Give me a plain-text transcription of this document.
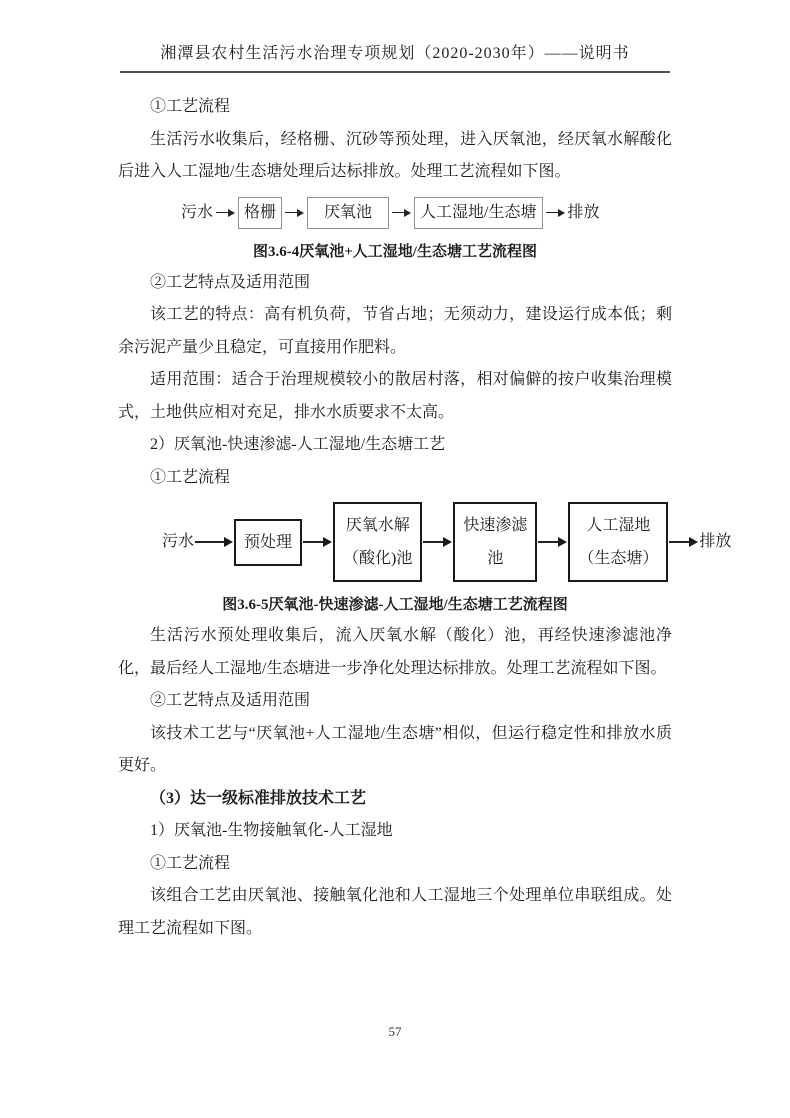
湘潭县农村生活污水治理专项规划（2020-2030年）——说明书

①工艺流程

生活污水收集后，经格栅、沉砂等预处理，进入厌氧池，经厌氧水解酸化后进入人工湿地/生态塘处理后达标排放。处理工艺流程如下图。

污水	格栅	厌氧池	人工湿地/生态塘	排放

图3.6-4厌氧池+人工湿地/生态塘工艺流程图

②工艺特点及适用范围

该工艺的特点：高有机负荷，节省占地；无须动力，建设运行成本低；剩余污泥产量少且稳定，可直接用作肥料。

适用范围：适合于治理规模较小的散居村落，相对偏僻的按户收集治理模式，土地供应相对充足，排水水质要求不太高。

2）厌氧池-快速渗滤-人工湿地/生态塘工艺

①工艺流程

污水	预处理
厌氧水解
（酸化)池
快速渗滤
池
人工湿地
（生态塘）
排放

图3.6-5厌氧池-快速渗滤-人工湿地/生态塘工艺流程图

生活污水预处理收集后，流入厌氧水解（酸化）池，再经快速渗滤池净化，最后经人工湿地/生态塘进一步净化处理达标排放。处理工艺流程如下图。

②工艺特点及适用范围

该技术工艺与“厌氧池+人工湿地/生态塘”相似，但运行稳定性和排放水质更好。

（3）达一级标准排放技术工艺

1）厌氧池-生物接触氧化-人工湿地

①工艺流程

该组合工艺由厌氧池、接触氧化池和人工湿地三个处理单位串联组成。处理工艺流程如下图。

57
